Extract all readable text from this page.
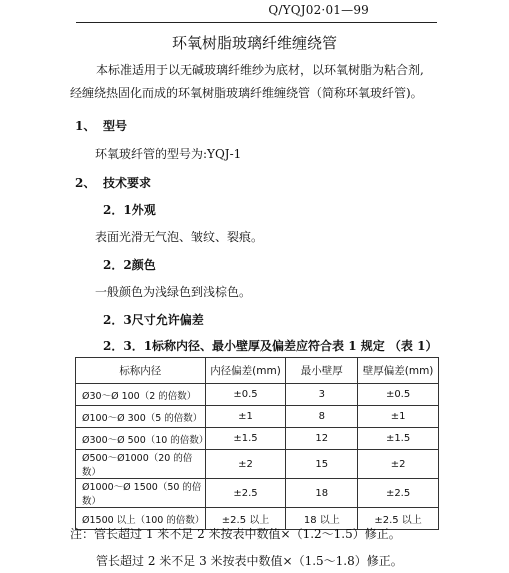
Q/YQJ02·01—99
环氧树脂玻璃纤维缠绕管
本标准适用于以无碱玻璃纤维纱为底材，以环氧树脂为粘合剂,
经缠绕热固化而成的环氧树脂玻璃纤维缠绕管（简称环氧玻纤管)。
1、 型号
环氧玻纤管的型号为:YQJ-1
2、 技术要求
2．1外观
表面光滑无气泡、皱纹、裂痕。
2．2颜色
一般颜色为浅绿色到浅棕色。
2．3尺寸允许偏差
2．3．1标称内径、最小壁厚及偏差应符合表 1 规定 （表 1）
标称内径	内径偏差(mm)	最小壁厚	壁厚偏差(mm)
Ø30～Ø 100（2 的倍数）	±0.5	3	±0.5
Ø100～Ø 300（5 的倍数）	±1	8	±1
Ø300～Ø 500（10 的倍数）	±1.5	12	±1.5
Ø500～Ø1000（20 的倍数）	±2	15	±2
Ø1000～Ø 1500（50 的倍数）	±2.5	18	±2.5
Ø1500 以上（100 的倍数）	±2.5 以上	18 以上	±2.5 以上
注：管长超过 1 米不足 2 米按表中数值×（1.2～1.5）修正。
管长超过 2 米不足 3 米按表中数值×（1.5～1.8）修正。
